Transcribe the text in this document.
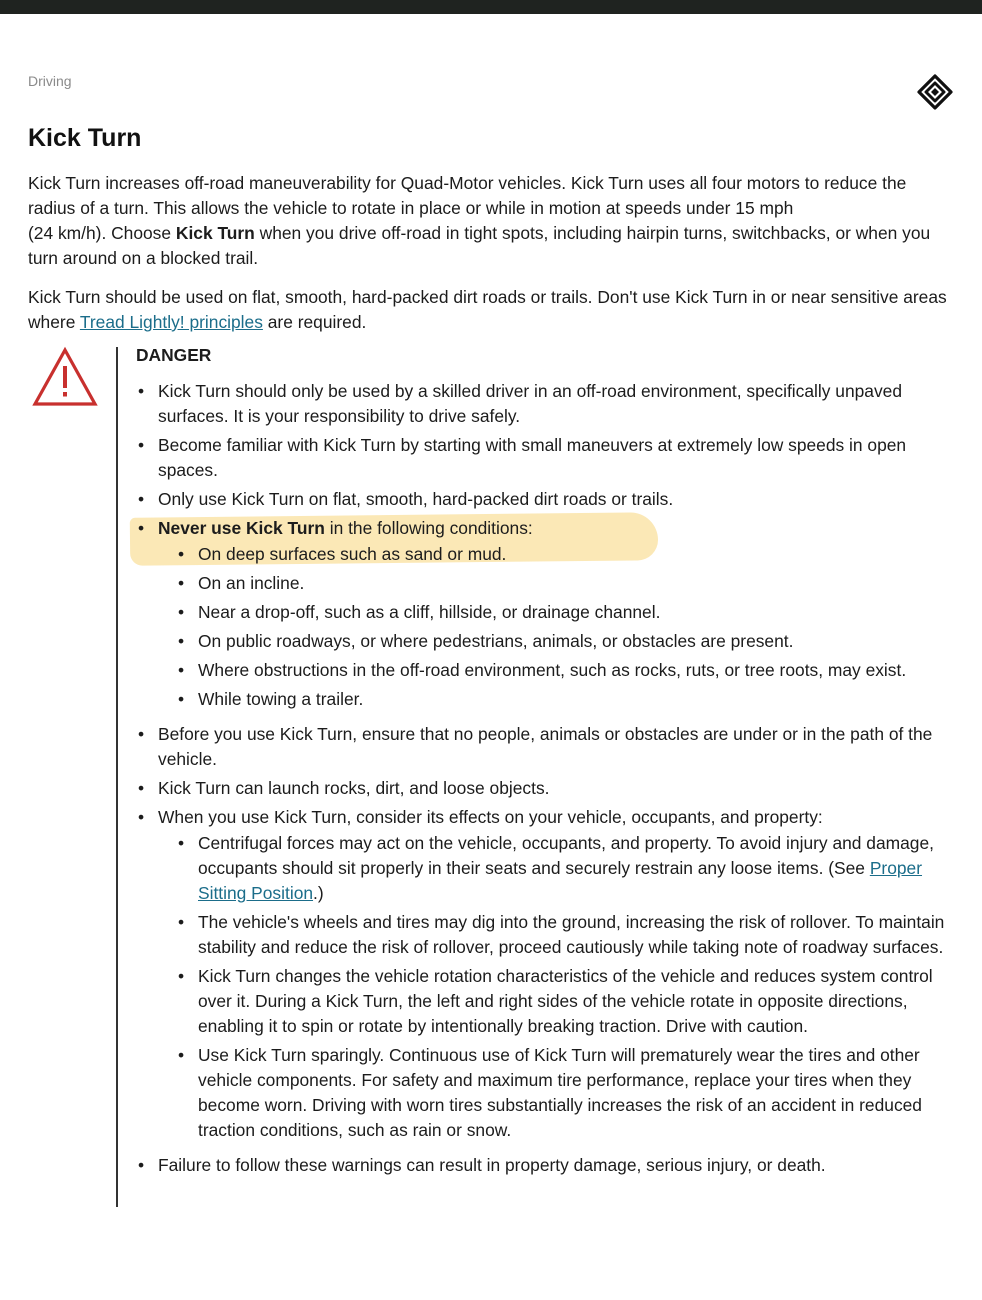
Driving
Kick Turn

Kick Turn increases off-road maneuverability for Quad-Motor vehicles. Kick Turn uses all four motors to reduce the radius of a turn. This allows the vehicle to rotate in place or while in motion at speeds under 15 mph
(24 km/h). Choose Kick Turn when you drive off-road in tight spots, including hairpin turns, switchbacks, or when you turn around on a blocked trail.

Kick Turn should be used on flat, smooth, hard-packed dirt roads or trails. Don't use Kick Turn in or near sensitive areas where Tread Lightly! principles are required.

DANGER
• Kick Turn should only be used by a skilled driver in an off-road environment, specifically unpaved surfaces. It is your responsibility to drive safely.
• Become familiar with Kick Turn by starting with small maneuvers at extremely low speeds in open spaces.
• Only use Kick Turn on flat, smooth, hard-packed dirt roads or trails.
• Never use Kick Turn in the following conditions:
• On deep surfaces such as sand or mud.
• On an incline.
• Near a drop-off, such as a cliff, hillside, or drainage channel.
• On public roadways, or where pedestrians, animals, or obstacles are present.
• Where obstructions in the off-road environment, such as rocks, ruts, or tree roots, may exist.
• While towing a trailer.
• Before you use Kick Turn, ensure that no people, animals or obstacles are under or in the path of the vehicle.
• Kick Turn can launch rocks, dirt, and loose objects.
• When you use Kick Turn, consider its effects on your vehicle, occupants, and property:
• Centrifugal forces may act on the vehicle, occupants, and property. To avoid injury and damage, occupants should sit properly in their seats and securely restrain any loose items. (See Proper Sitting Position.)
• The vehicle's wheels and tires may dig into the ground, increasing the risk of rollover. To maintain stability and reduce the risk of rollover, proceed cautiously while taking note of roadway surfaces.
• Kick Turn changes the vehicle rotation characteristics of the vehicle and reduces system control over it. During a Kick Turn, the left and right sides of the vehicle rotate in opposite directions, enabling it to spin or rotate by intentionally breaking traction. Drive with caution.
• Use Kick Turn sparingly. Continuous use of Kick Turn will prematurely wear the tires and other vehicle components. For safety and maximum tire performance, replace your tires when they become worn. Driving with worn tires substantially increases the risk of an accident in reduced traction conditions, such as rain or snow.
• Failure to follow these warnings can result in property damage, serious injury, or death.
